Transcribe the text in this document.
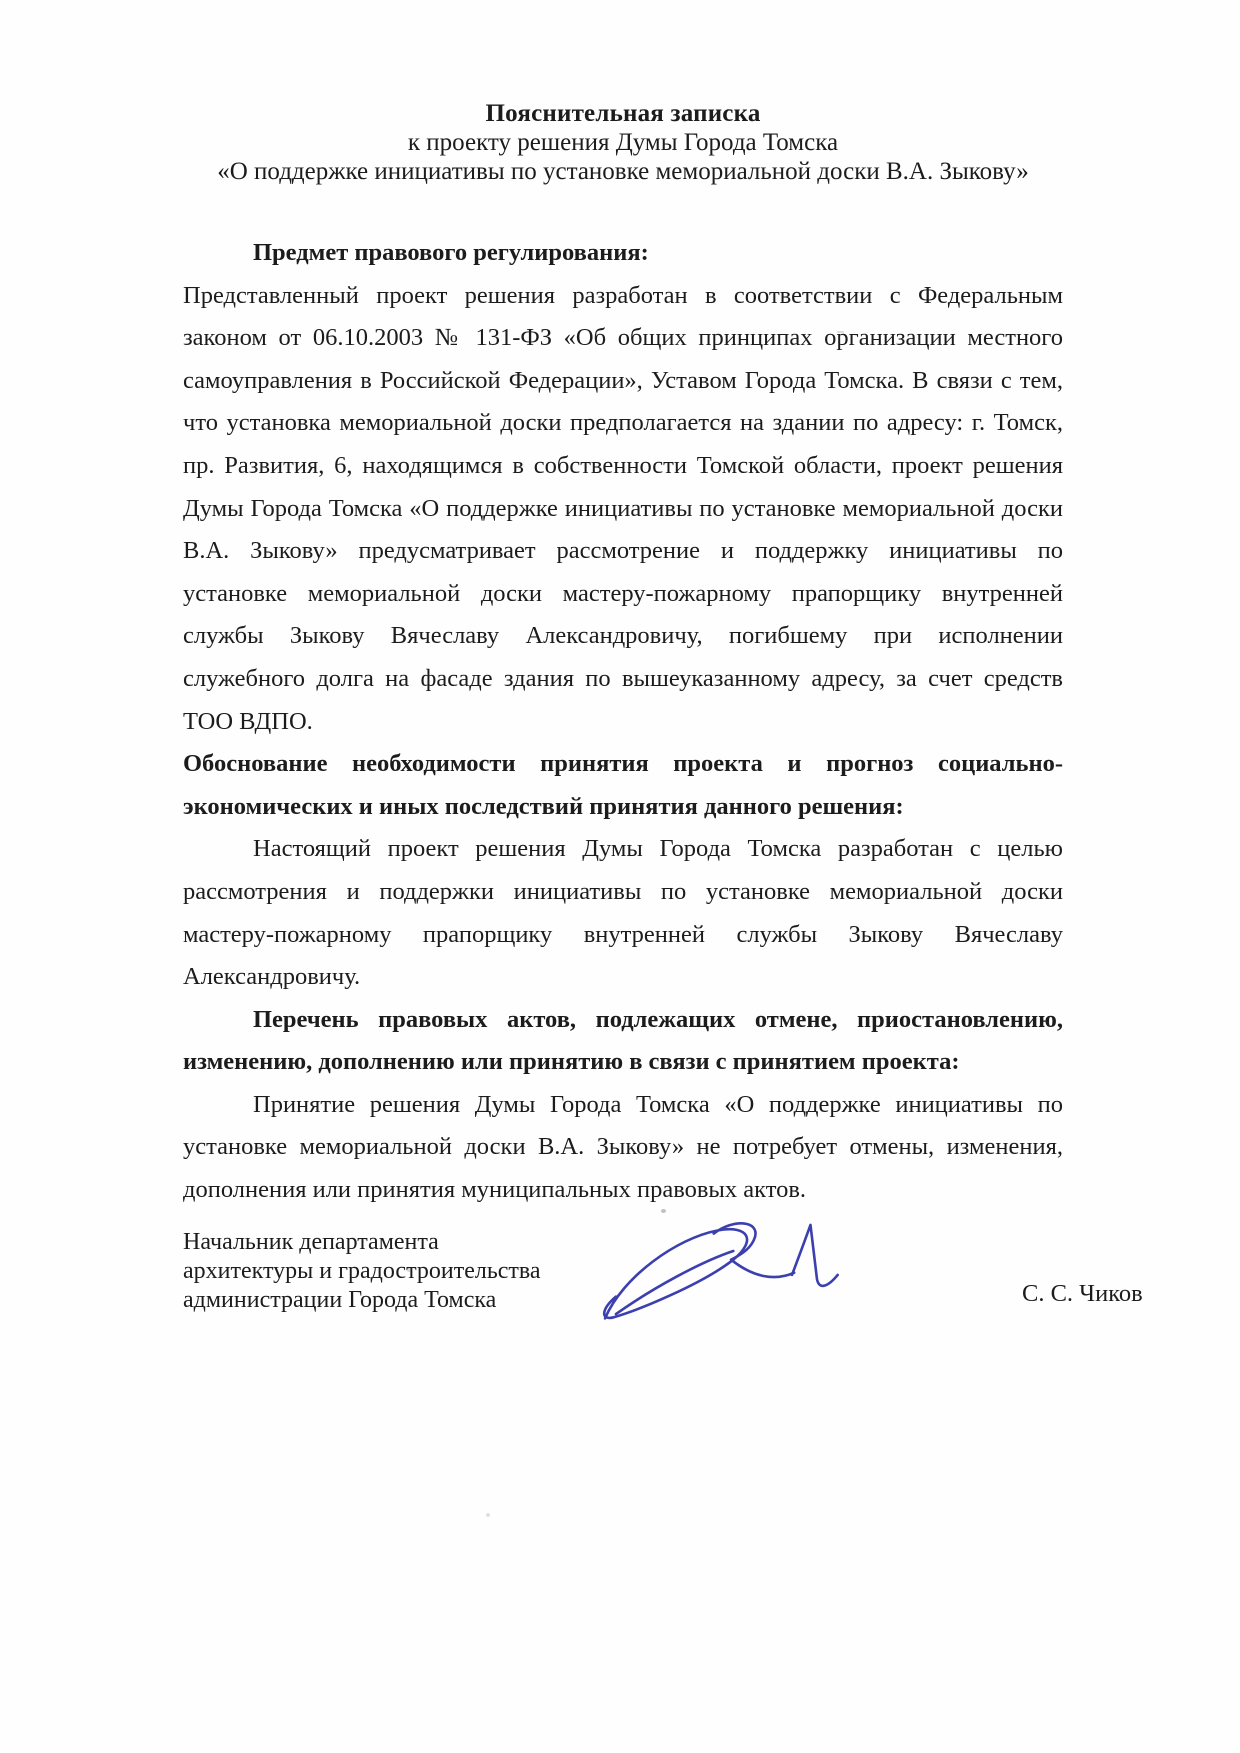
Пояснительная записка
к проекту решения Думы Города Томска
«О поддержке инициативы по установке мемориальной доски В.А. Зыкову»

Предмет правового регулирования:

Представленный проект решения разработан в соответствии с Федеральным законом от 06.10.2003 № 131-ФЗ «Об общих принципах организации местного самоуправления в Российской Федерации», Уставом Города Томска. В связи с тем, что установка мемориальной доски предполагается на здании по адресу: г. Томск, пр. Развития, 6, находящимся в собственности Томской области, проект решения Думы Города Томска «О поддержке инициативы по установке мемориальной доски В.А. Зыкову» предусматривает рассмотрение и поддержку инициативы по установке мемориальной доски мастеру-пожарному прапорщику внутренней службы Зыкову Вячеславу Александровичу, погибшему при исполнении служебного долга на фасаде здания по вышеуказанному адресу, за счет средств ТОО ВДПО.

Обоснование необходимости принятия проекта и прогноз социально-экономических и иных последствий принятия данного решения:

Настоящий проект решения Думы Города Томска разработан с целью рассмотрения и поддержки инициативы по установке мемориальной доски мастеру-пожарному прапорщику внутренней службы Зыкову Вячеславу Александровичу.

Перечень правовых актов, подлежащих отмене, приостановлению, изменению, дополнению или принятию в связи с принятием проекта:

Принятие решения Думы Города Томска «О поддержке инициативы по установке мемориальной доски В.А. Зыкову» не потребует отмены, изменения, дополнения или принятия муниципальных правовых актов.

Начальник департамента
архитектуры и градостроительства
администрации Города Томска	С. С. Чиков
